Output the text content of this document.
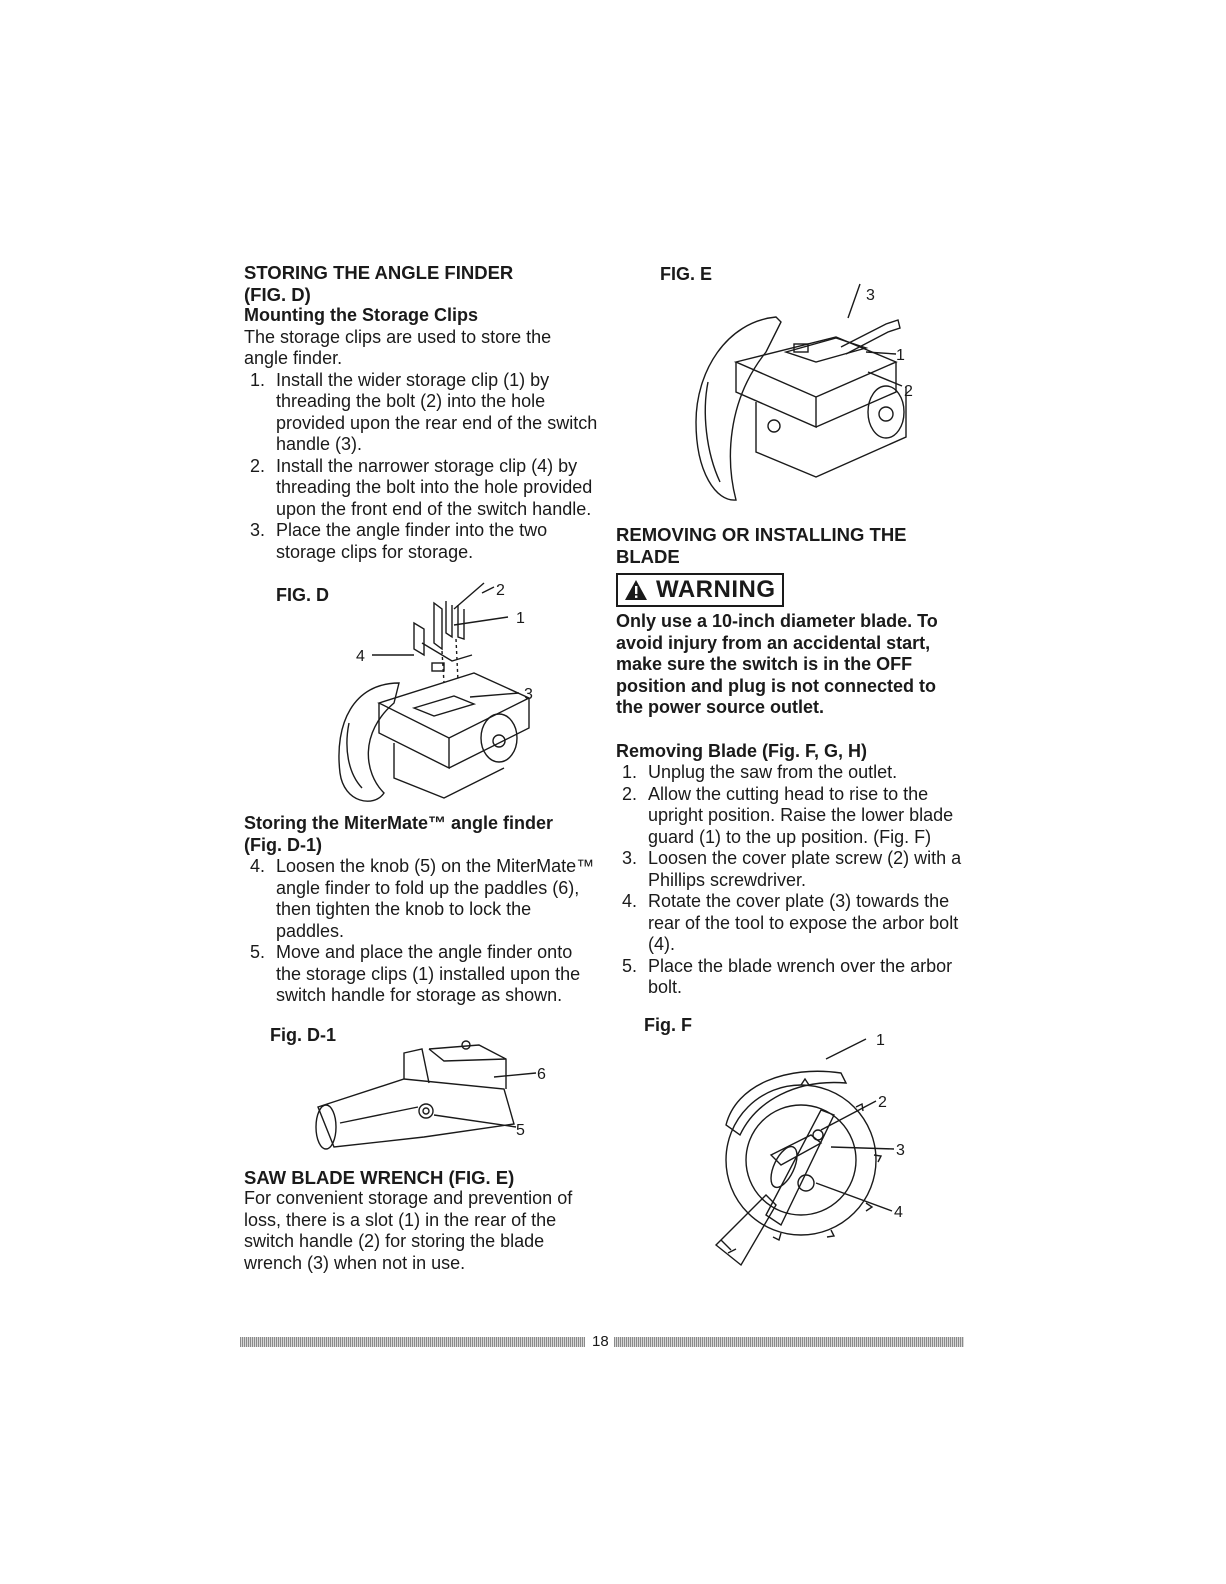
STORING THE ANGLE FINDER

(FIG. D)

Mounting the Storage Clips

The storage clips are used to store the angle finder.

1. Install the wider storage clip (1) by threading the bolt (2) into the hole provided upon the rear end of the switch handle (3).
2. Install the narrower storage clip (4) by threading the bolt into the hole provided upon the front end of the switch handle.
3. Place the angle finder into the two storage clips for storage.
FIG. D	2
1
4
3

Storing the MiterMate™ angle finder

(Fig. D-1)

4. Loosen the knob (5) on the MiterMate™ angle finder to fold up the paddles (6), then tighten the knob to lock the paddles.
5. Move and place the angle finder onto the storage clips (1) installed upon the switch handle for storage as shown.
Fig. D-1
6
5

SAW BLADE WRENCH (FIG. E)

For convenient storage and prevention of loss, there is a slot (1) in the rear of the switch handle (2) for storing the blade wrench (3) when not in use.

FIG. E
3
1
2

REMOVING OR INSTALLING THE

BLADE

WARNING

Only use a 10-inch diameter blade. To avoid injury from an accidental start, make sure the switch is in the OFF position and plug is not connected to the power source outlet.

Removing Blade (Fig. F, G, H)

1. Unplug the saw from the outlet.
2. Allow the cutting head to rise to the upright position. Raise the lower blade guard (1) to the up position. (Fig. F)
3. Loosen the cover plate screw (2) with a Phillips screwdriver.
4. Rotate the cover plate (3) towards the rear of the tool to expose the arbor bolt (4).
5. Place the blade wrench over the arbor bolt.
Fig. F
1
2
3
4
18
